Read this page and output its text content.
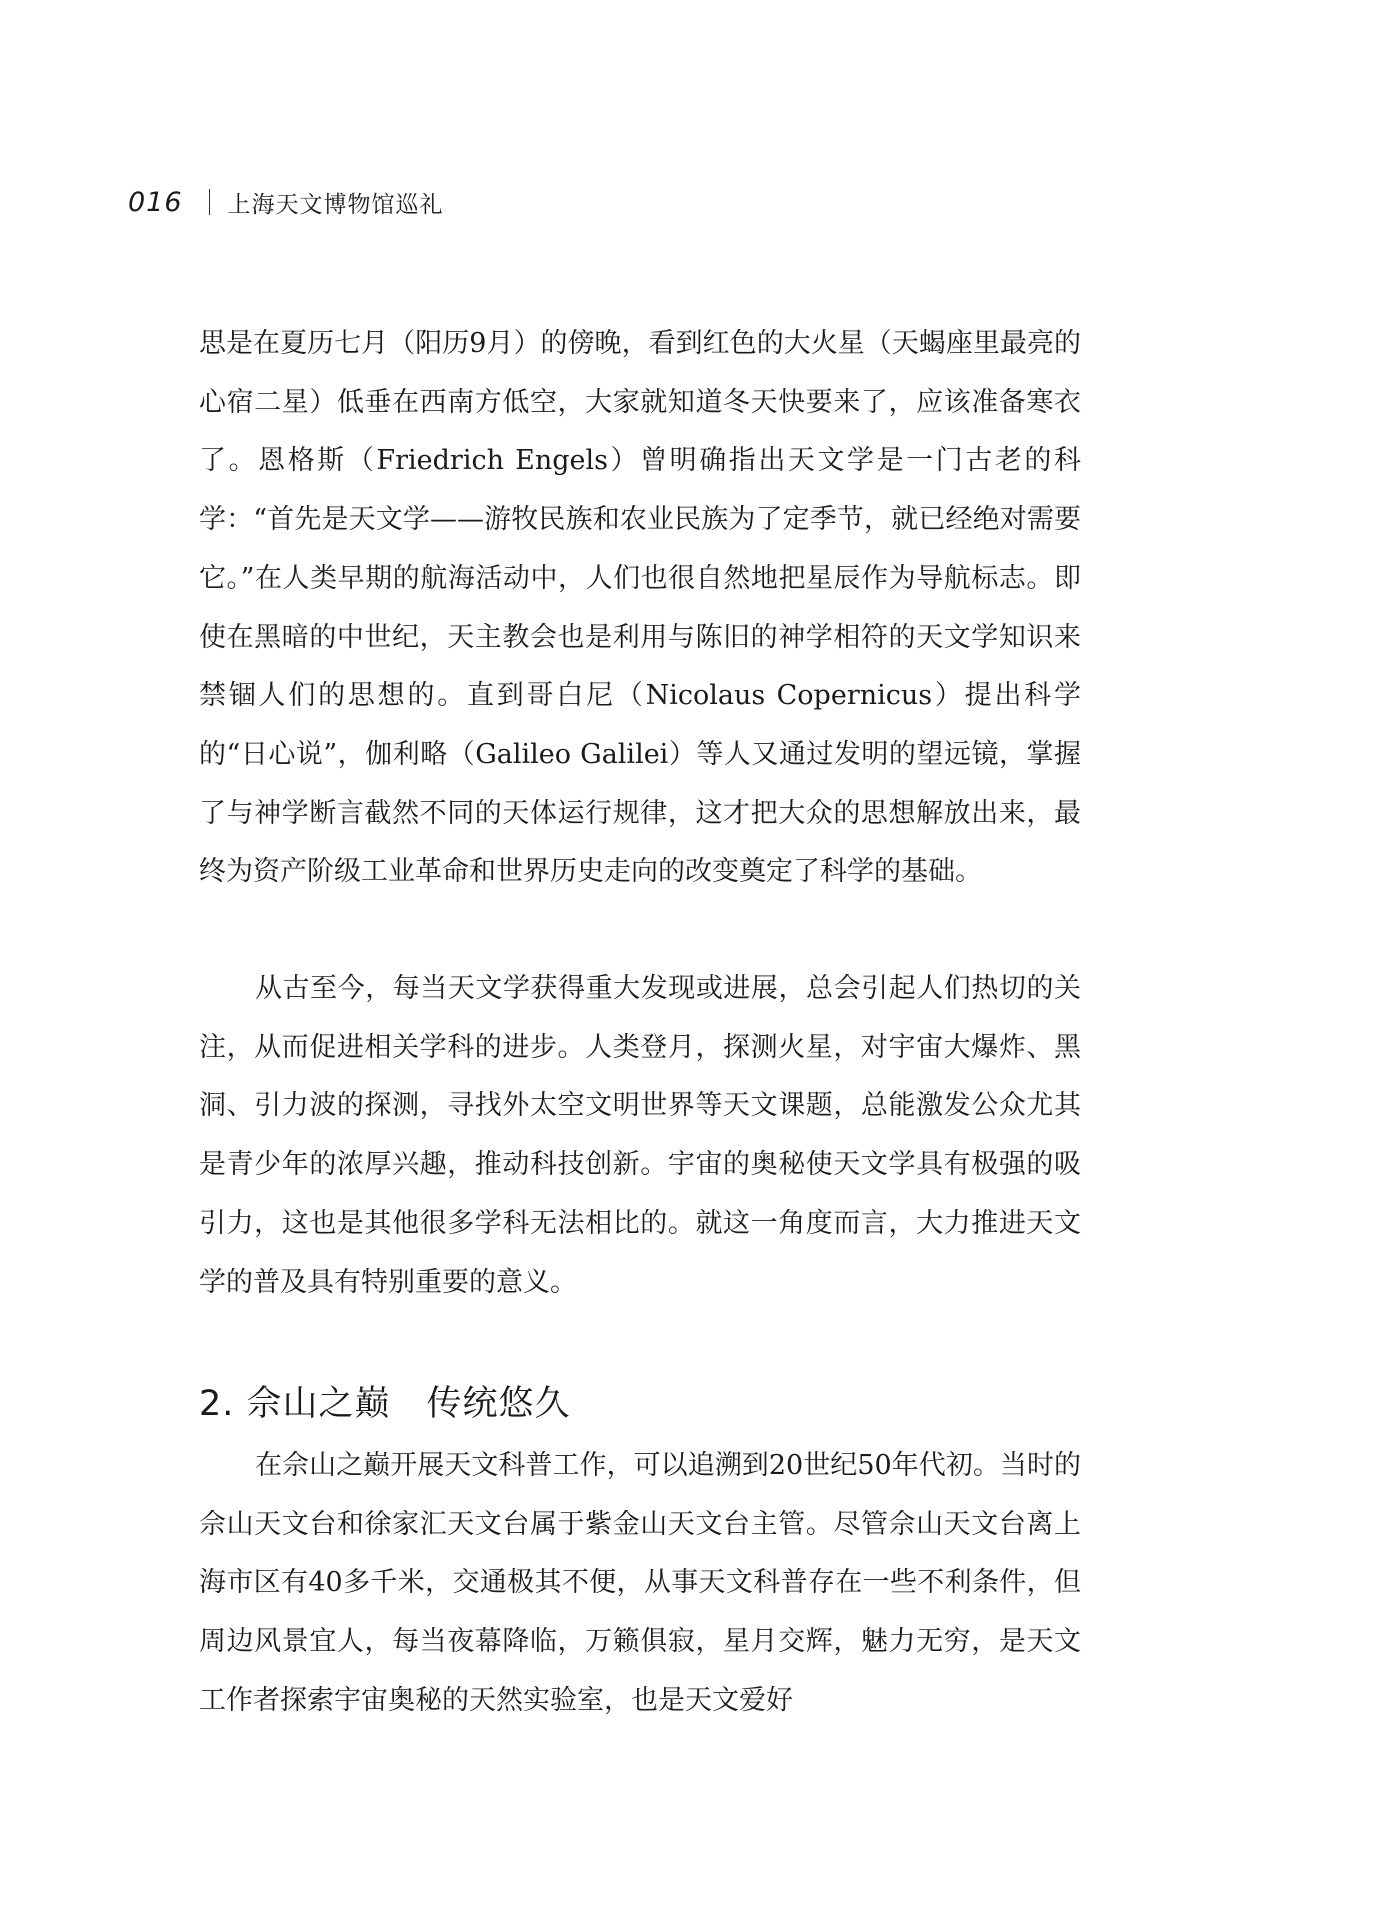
016 上海天文博物馆巡礼

思是在夏历七月（阳历9月）的傍晚，看到红色的大火星（天蝎座里最亮的心宿二星）低垂在西南方低空，大家就知道冬天快要来了，应该准备寒衣了。恩格斯（Friedrich Engels）曾明确指出天文学是一门古老的科学：“首先是天文学——游牧民族和农业民族为了定季节，就已经绝对需要它。”在人类早期的航海活动中，人们也很自然地把星辰作为导航标志。即使在黑暗的中世纪，天主教会也是利用与陈旧的神学相符的天文学知识来禁锢人们的思想的。直到哥白尼（Nicolaus Copernicus）提出科学的“日心说”，伽利略（Galileo Galilei）等人又通过发明的望远镜，掌握了与神学断言截然不同的天体运行规律，这才把大众的思想解放出来，最终为资产阶级工业革命和世界历史走向的改变奠定了科学的基础。

从古至今，每当天文学获得重大发现或进展，总会引起人们热切的关注，从而促进相关学科的进步。人类登月，探测火星，对宇宙大爆炸、黑洞、引力波的探测，寻找外太空文明世界等天文课题，总能激发公众尤其是青少年的浓厚兴趣，推动科技创新。宇宙的奥秘使天文学具有极强的吸引力，这也是其他很多学科无法相比的。就这一角度而言，大力推进天文学的普及具有特别重要的意义。

2. 佘山之巅　传统悠久

在佘山之巅开展天文科普工作，可以追溯到20世纪50年代初。当时的佘山天文台和徐家汇天文台属于紫金山天文台主管。尽管佘山天文台离上海市区有40多千米，交通极其不便，从事天文科普存在一些不利条件，但周边风景宜人，每当夜幕降临，万籁俱寂，星月交辉，魅力无穷，是天文工作者探索宇宙奥秘的天然实验室，也是天文爱好
